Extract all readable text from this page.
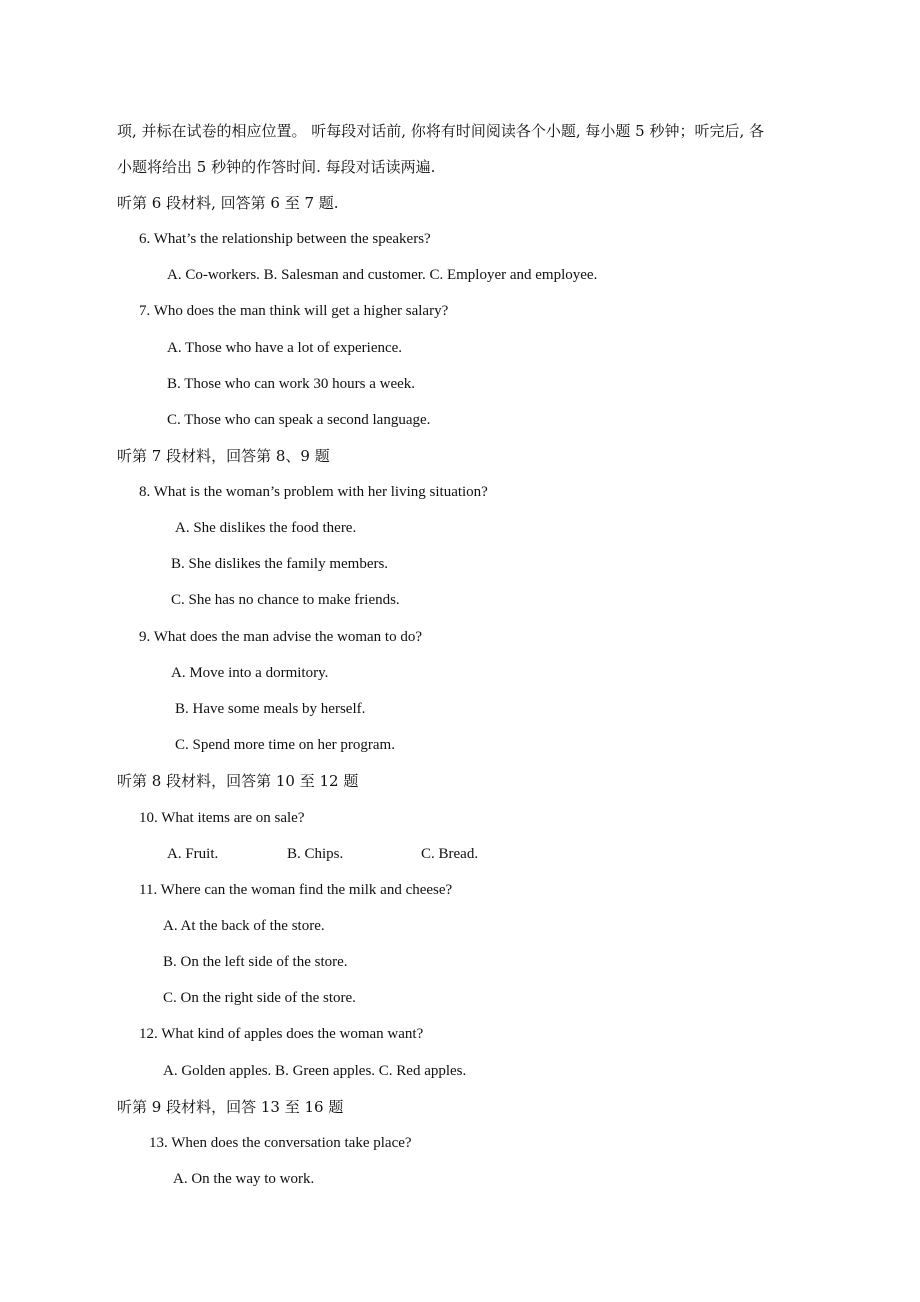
项, 并标在试卷的相应位置。 听每段对话前, 你将有时间阅读各个小题, 每小题 5 秒钟；听完后, 各
小题将给出 5 秒钟的作答时间. 每段对话读两遍.
听第 6 段材料, 回答第 6 至 7 题.
6. What’s the relationship between the speakers?
A. Co-workers. B. Salesman and customer. C. Employer and employee.
7. Who does the man think will get a higher salary?
A. Those who have a lot of experience.
B. Those who can work 30 hours a week.
C. Those who can speak a second language.
听第 7 段材料，回答第 8、9 题
8. What is the woman’s problem with her living situation?
A. She dislikes the food there.
B. She dislikes the family members.
C. She has no chance to make friends.
9. What does the man advise the woman to do?
A. Move into a dormitory.
B. Have some meals by herself.
C. Spend more time on her program.
听第 8 段材料，回答第 10 至 12 题
10. What items are on sale?
A. Fruit.	B. Chips.	C. Bread.
11. Where can the woman find the milk and cheese?
A. At the back of the store.
B. On the left side of the store.
C. On the right side of the store.
12. What kind of apples does the woman want?
A. Golden apples. B. Green apples. C. Red apples.
听第 9 段材料，回答 13 至 16 题
13. When does the conversation take place?
A. On the way to work.
